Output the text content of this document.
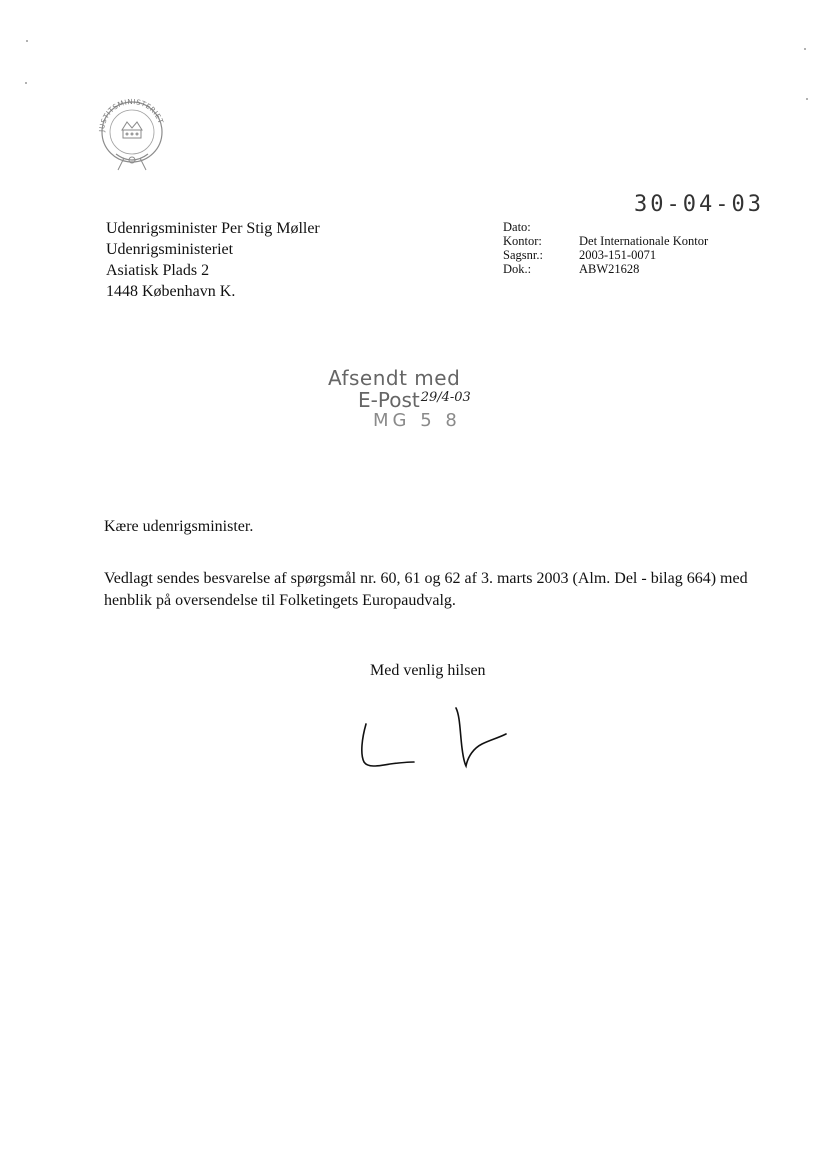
JUSTITSMINISTERIET
30-04-03
Udenrigsminister Per Stig Møller
Udenrigsministeriet
Asiatisk Plads 2
1448 København K.
Dato:
Kontor:	Det Internationale Kontor
Sagsnr.:	2003-151-0071
Dok.:	ABW21628
Afsendt med
E-Post$^{29/4-03}$
MG 5 8
Kære udenrigsminister.
Vedlagt sendes besvarelse af spørgsmål nr. 60, 61 og 62 af 3. marts 2003 (Alm. Del - bilag 664) med henblik på oversendelse til Folketingets Europaudvalg.
Med venlig hilsen
